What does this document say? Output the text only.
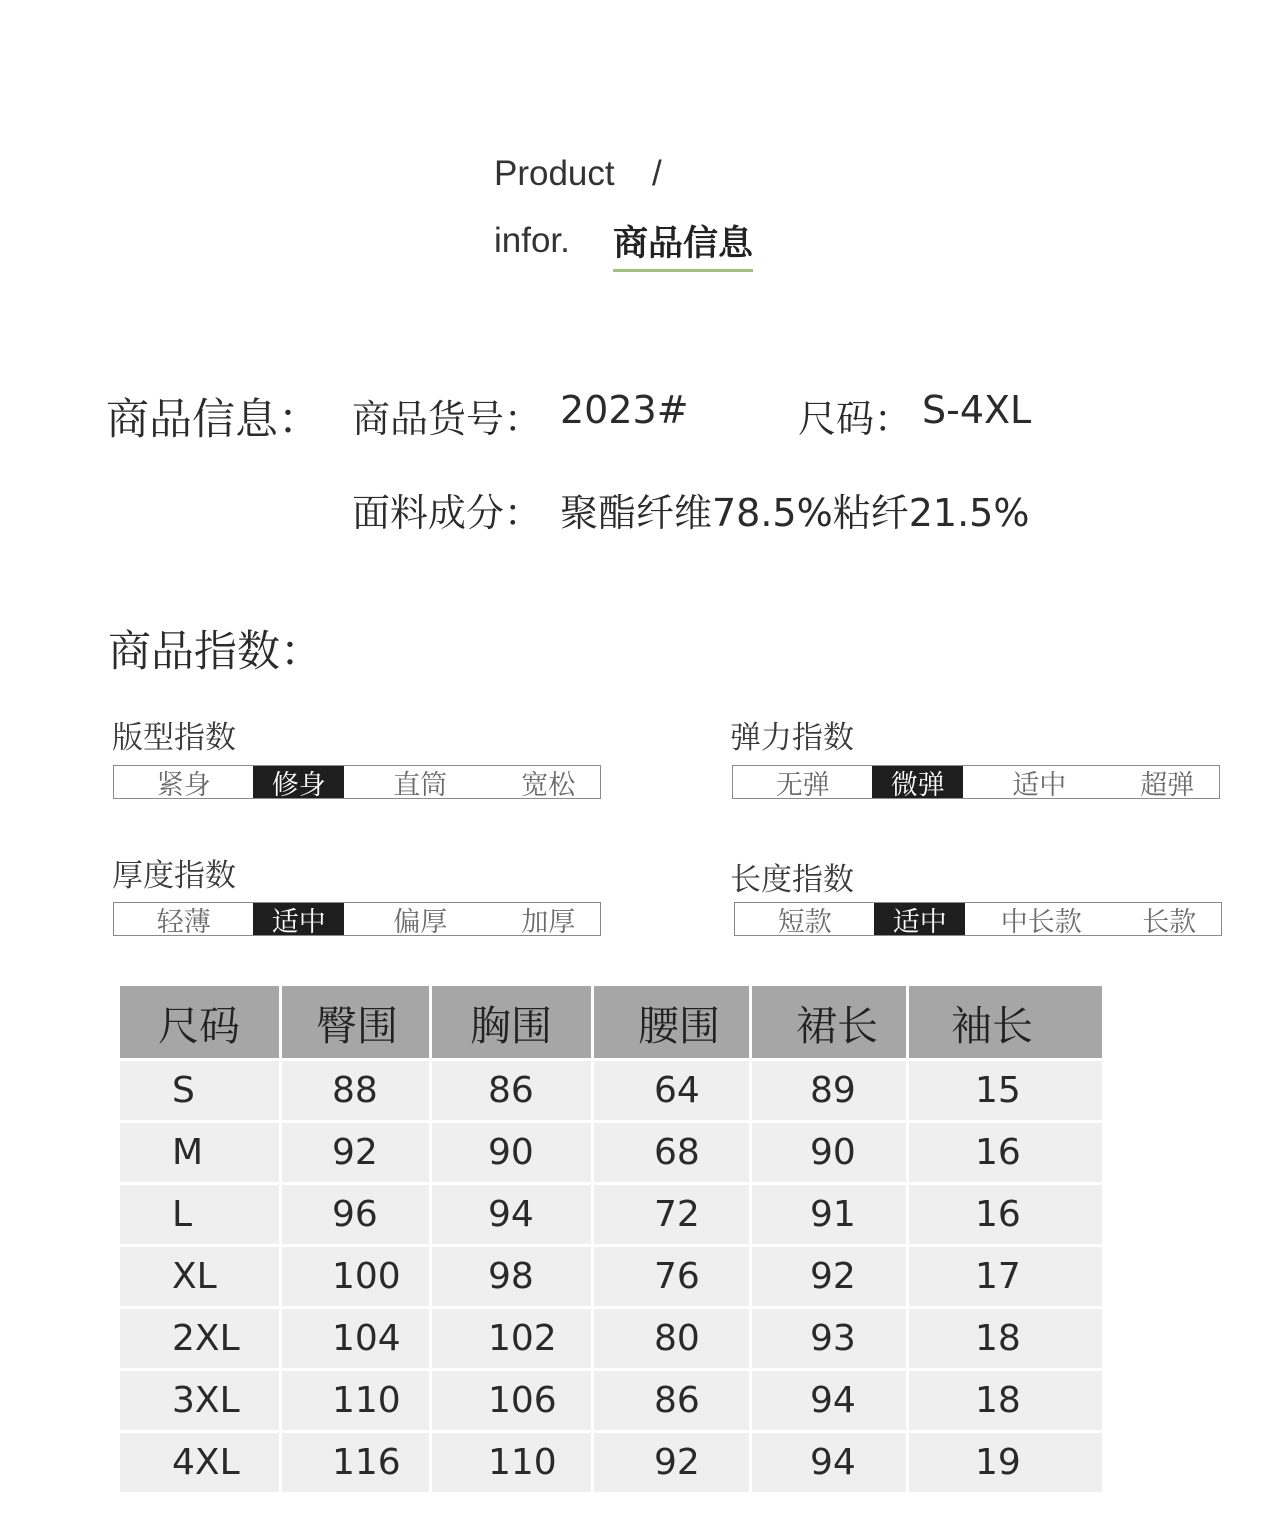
Product /
infor. 商品信息
商品信息： 商品货号： 2023#	尺码： S-4XL
面料成分： 聚酯纤维78.5%粘纤21.5%
商品指数：
版型指数
紧身	修身	直筒	宽松
弹力指数
无弹	微弹	适中	超弹
厚度指数
轻薄	适中	偏厚	加厚
长度指数
短款	适中	中长款	长款
尺码	臀围	胸围	腰围	裙长	袖长
S	88	86	64	89	15
M	92	90	68	90	16
L	96	94	72	91	16
XL	100	98	76	92	17
2XL	104	102	80	93	18
3XL	110	106	86	94	18
4XL	116	110	92	94	19
